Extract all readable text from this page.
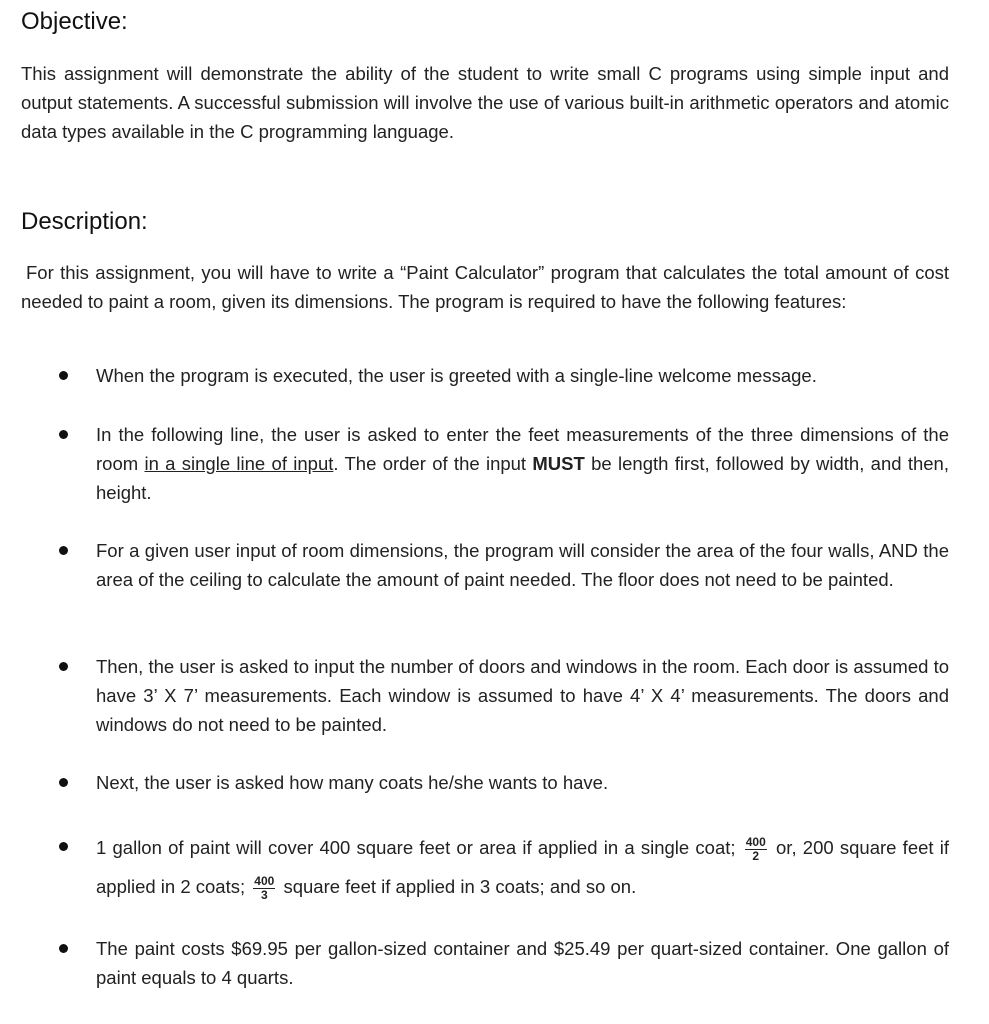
Objective:

This assignment will demonstrate the ability of the student to write small C programs using simple input and output statements. A successful submission will involve the use of various built-in arithmetic operators and atomic data types available in the C programming language.

Description:

For this assignment, you will have to write a “Paint Calculator” program that calculates the total amount of cost needed to paint a room, given its dimensions. The program is required to have the following features:

When the program is executed, the user is greeted with a single-line welcome message.

In the following line, the user is asked to enter the feet measurements of the three dimensions of the room in a single line of input. The order of the input MUST be length first, followed by width, and then, height.

For a given user input of room dimensions, the program will consider the area of the four walls, AND the area of the ceiling to calculate the amount of paint needed. The floor does not need to be painted.

Then, the user is asked to input the number of doors and windows in the room. Each door is assumed to have 3’ X 7’ measurements. Each window is assumed to have 4’ X 4’ measurements. The doors and windows do not need to be painted.

Next, the user is asked how many coats he/she wants to have.

1 gallon of paint will cover 400 square feet or area if applied in a single coat; $\frac{400}{2}$ or, 200 square feet if applied in 2 coats; $\frac{400}{3}$ square feet if applied in 3 coats; and so on.

The paint costs $69.95 per gallon-sized container and $25.49 per quart-sized container. One gallon of paint equals to 4 quarts.
